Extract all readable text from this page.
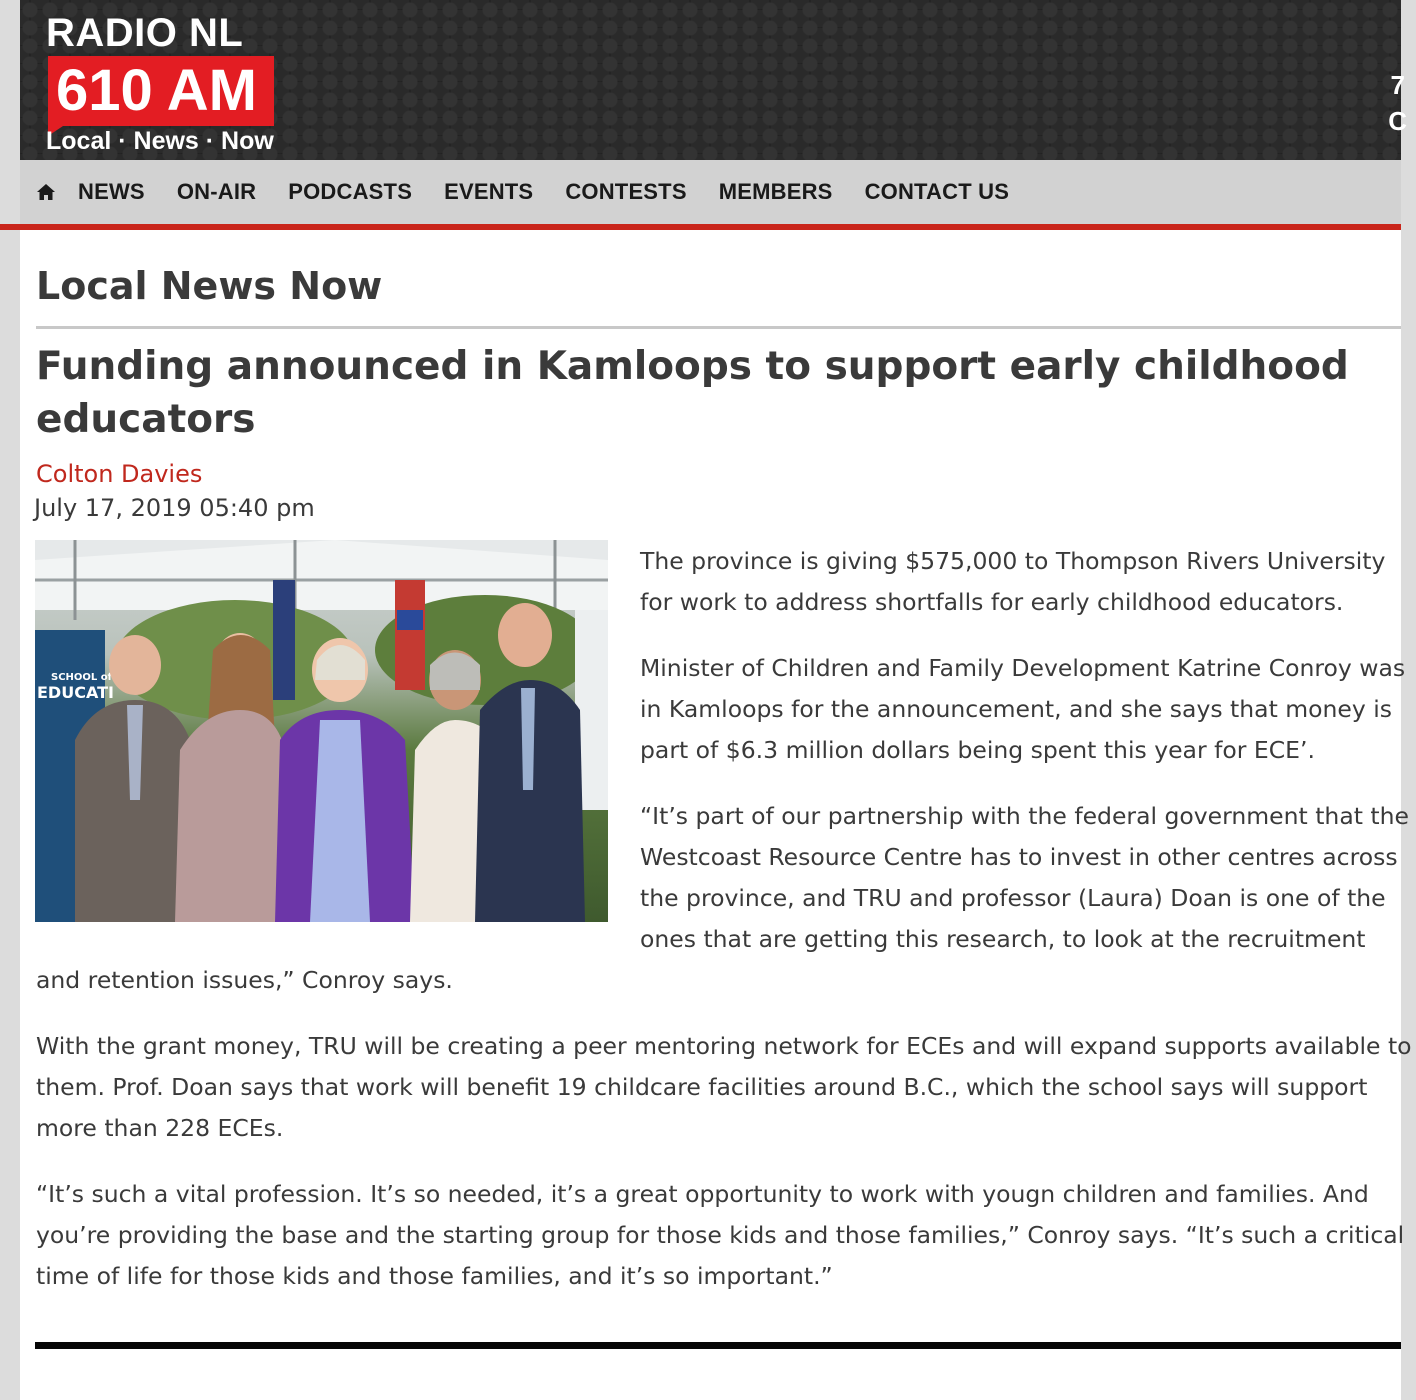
RADIO NL
610 AM
Local · News · Now
7
C
NEWS ON-AIR PODCASTS EVENTS CONTESTS MEMBERS CONTACT US
Local News Now
Funding announced in Kamloops to support early childhood educators
Colton Davies
July 17, 2019 05:40 pm
SCHOOL of
EDUCATI

The province is giving $575,000 to Thompson Rivers University for work to address shortfalls for early childhood educators.

Minister of Children and Family Development Katrine Conroy was in Kamloops for the announcement, and she says that money is part of $6.3 million dollars being spent this year for ECE’.

“It’s part of our partnership with the federal government that the Westcoast Resource Centre has to invest in other centres across the province, and TRU and professor (Laura) Doan is one of the ones that are getting this research, to look at the recruitment and retention issues,” Conroy says.

With the grant money, TRU will be creating a peer mentoring network for ECEs and will expand supports available to them. Prof. Doan says that work will benefit 19 childcare facilities around B.C., which the school says will support more than 228 ECEs.

“It’s such a vital profession. It’s so needed, it’s a great opportunity to work with yougn children and families. And you’re providing the base and the starting group for those kids and those families,” Conroy says. “It’s such a critical time of life for those kids and those families, and it’s so important.”
